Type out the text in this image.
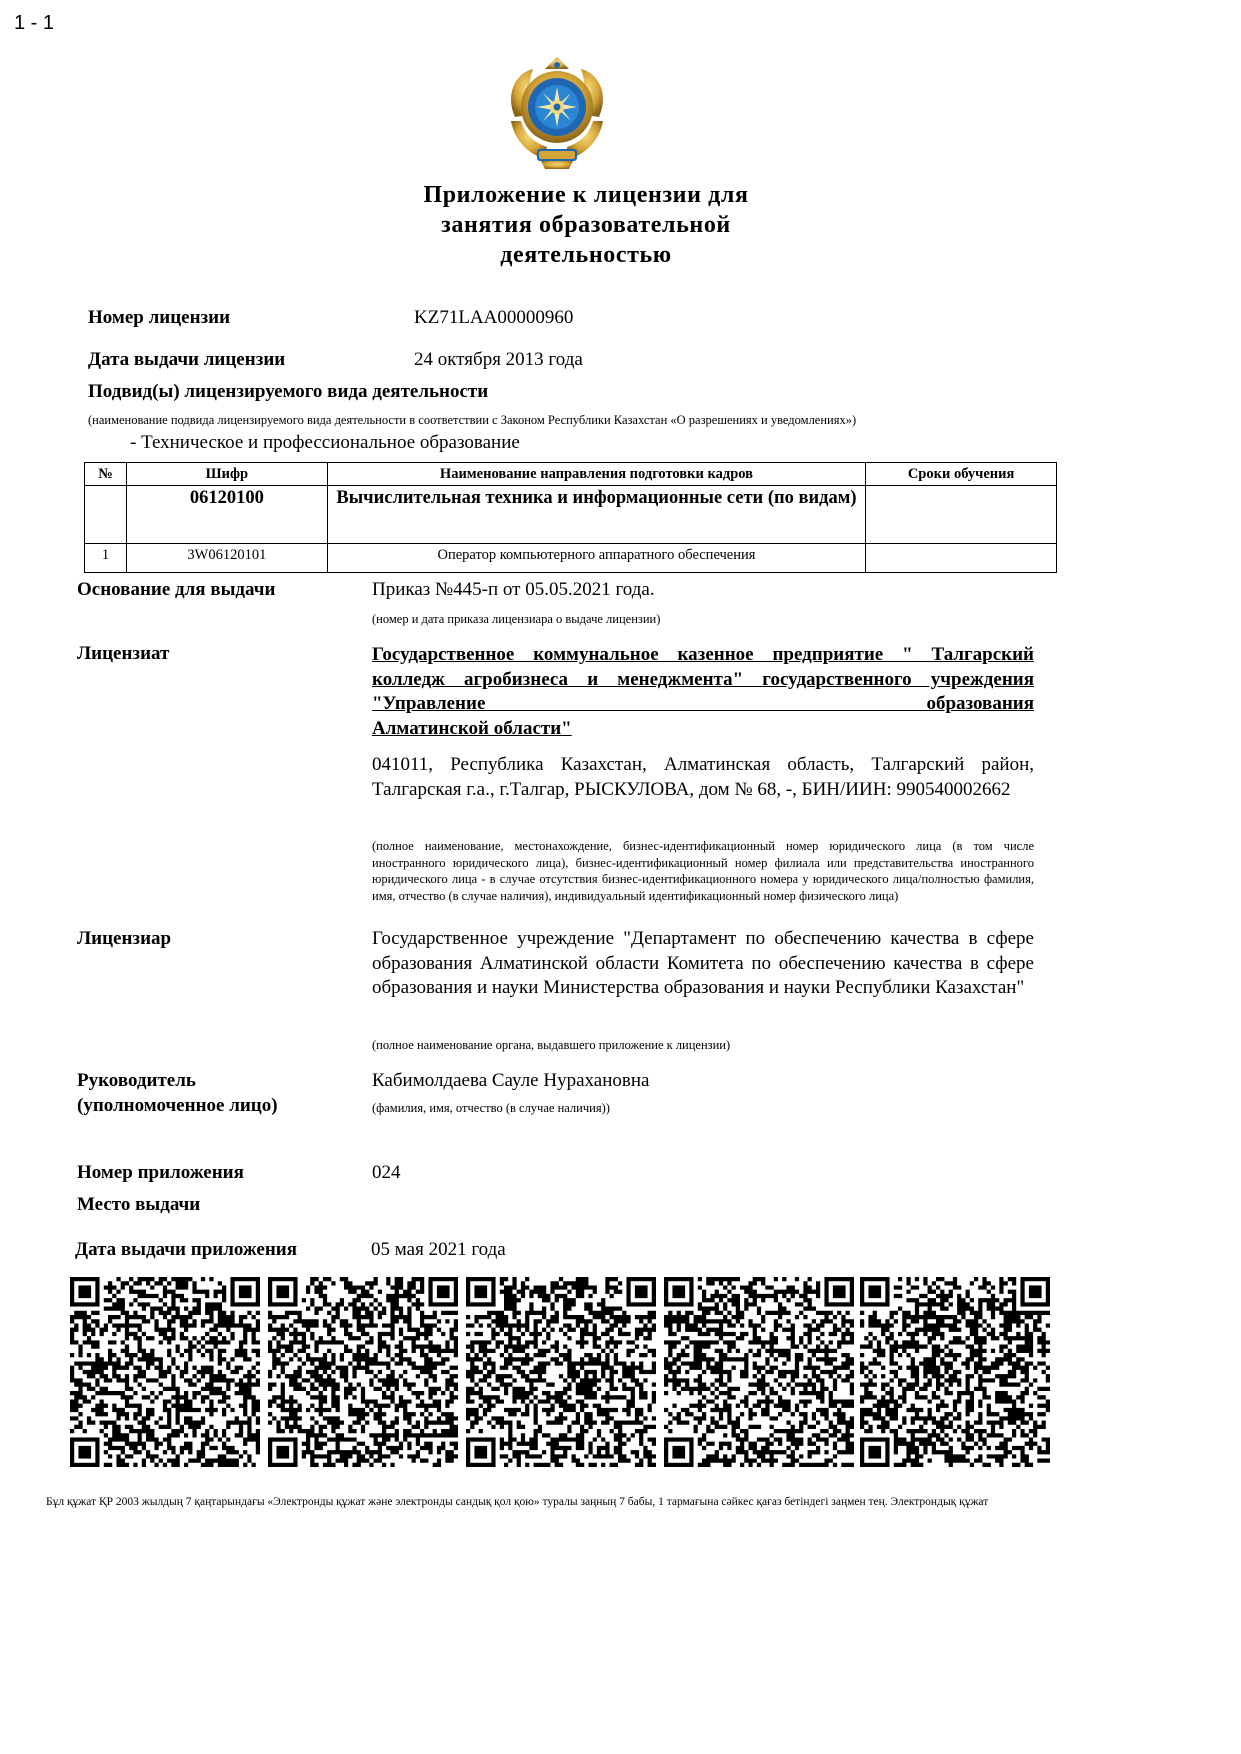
1 - 1
Приложение к лицензии для
занятия образовательной
деятельностью
Номер лицензии	KZ71LAA00000960
Дата выдачи лицензии	24 октября 2013 года
Подвид(ы) лицензируемого вида деятельности
(наименование подвида лицензируемого вида деятельности в соответствии с Законом Республики Казахстан «О разрешениях и уведомлениях»)
- Техническое и профессиональное образование
№	Шифр	Наименование направления подготовки кадров	Сроки обучения
	06120100	Вычислительная техника и информационные сети (по видам)	
1	3W06120101	Оператор компьютерного аппаратного обеспечения	
Основание для выдачи	Приказ №445-п от 05.05.2021 года.
(номер и дата приказа лицензиара о выдаче лицензии)
Лицензиат	Государственное коммунальное казенное предприятие " Талгарский колледж агробизнеса и менеджмента" государственного учреждения "Управление образования
Алматинской области"
041011, Республика Казахстан, Алматинская область, Талгарский район, Талгарская г.а., г.Талгар, РЫСКУЛОВА, дом № 68, -, БИН/ИИН: 990540002662
(полное наименование, местонахождение, бизнес-идентификационный номер юридического лица (в том числе иностранного юридического лица), бизнес-идентификационный номер филиала или представительства иностранного юридического лица - в случае отсутствия бизнес-идентификационного номера у юридического лица/полностью фамилия, имя, отчество (в случае наличия), индивидуальный идентификационный номер физического лица)
Лицензиар	Государственное учреждение "Департамент по обеспечению качества в сфере образования Алматинской области Комитета по обеспечению качества в сфере образования и науки Министерства образования и науки Республики Казахстан"
(полное наименование органа, выдавшего приложение к лицензии)
Руководитель
(уполномоченное лицо)
Кабимолдаева Сауле Нурахановна
(фамилия, имя, отчество (в случае наличия))
Номер приложения	024
Место выдачи
Дата выдачи приложения	05 мая 2021 года
Бұл құжат ҚР 2003 жылдың 7 қаңтарындағы «Электронды құжат және электронды сандық қол қою» туралы заңның 7 бабы, 1 тармағына сәйкес қағаз бетіндегі заңмен тең. Электрондық құжат
